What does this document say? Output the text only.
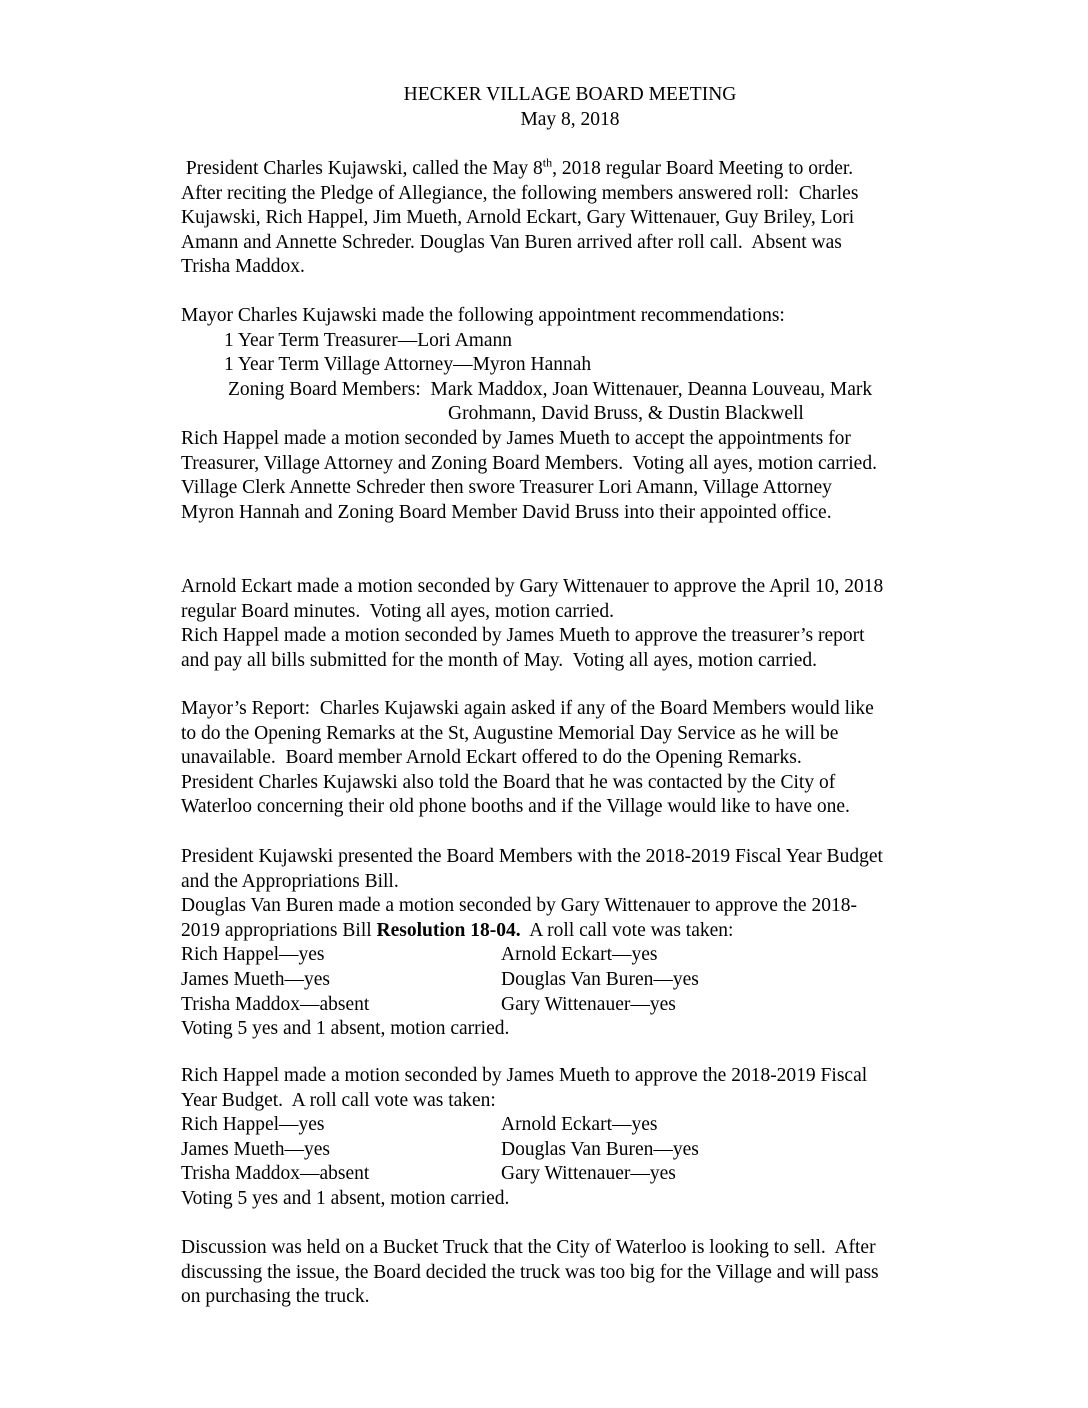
HECKER VILLAGE BOARD MEETING
May 8, 2018
President Charles Kujawski, called the May 8th, 2018 regular Board Meeting to order.
After reciting the Pledge of Allegiance, the following members answered roll:  Charles
Kujawski, Rich Happel, Jim Mueth, Arnold Eckart, Gary Wittenauer, Guy Briley, Lori
Amann and Annette Schreder. Douglas Van Buren arrived after roll call.  Absent was
Trisha Maddox.
Mayor Charles Kujawski made the following appointment recommendations:
1 Year Term Treasurer—Lori Amann
1 Year Term Village Attorney—Myron Hannah
Zoning Board Members:  Mark Maddox, Joan Wittenauer, Deanna Louveau, Mark
Grohmann, David Bruss, & Dustin Blackwell
Rich Happel made a motion seconded by James Mueth to accept the appointments for
Treasurer, Village Attorney and Zoning Board Members.  Voting all ayes, motion carried.
Village Clerk Annette Schreder then swore Treasurer Lori Amann, Village Attorney
Myron Hannah and Zoning Board Member David Bruss into their appointed office.
Arnold Eckart made a motion seconded by Gary Wittenauer to approve the April 10, 2018
regular Board minutes.  Voting all ayes, motion carried.
Rich Happel made a motion seconded by James Mueth to approve the treasurer’s report
and pay all bills submitted for the month of May.  Voting all ayes, motion carried.
Mayor’s Report:  Charles Kujawski again asked if any of the Board Members would like
to do the Opening Remarks at the St, Augustine Memorial Day Service as he will be
unavailable.  Board member Arnold Eckart offered to do the Opening Remarks.
President Charles Kujawski also told the Board that he was contacted by the City of
Waterloo concerning their old phone booths and if the Village would like to have one.
President Kujawski presented the Board Members with the 2018-2019 Fiscal Year Budget
and the Appropriations Bill.
Douglas Van Buren made a motion seconded by Gary Wittenauer to approve the 2018-
2019 appropriations Bill Resolution 18-04.  A roll call vote was taken:
Rich Happel—yes	Arnold Eckart—yes
James Mueth—yes	Douglas Van Buren—yes
Trisha Maddox—absent	Gary Wittenauer—yes
Voting 5 yes and 1 absent, motion carried.
Rich Happel made a motion seconded by James Mueth to approve the 2018-2019 Fiscal
Year Budget.  A roll call vote was taken:
Rich Happel—yes	Arnold Eckart—yes
James Mueth—yes	Douglas Van Buren—yes
Trisha Maddox—absent	Gary Wittenauer—yes
Voting 5 yes and 1 absent, motion carried.
Discussion was held on a Bucket Truck that the City of Waterloo is looking to sell.  After
discussing the issue, the Board decided the truck was too big for the Village and will pass
on purchasing the truck.
